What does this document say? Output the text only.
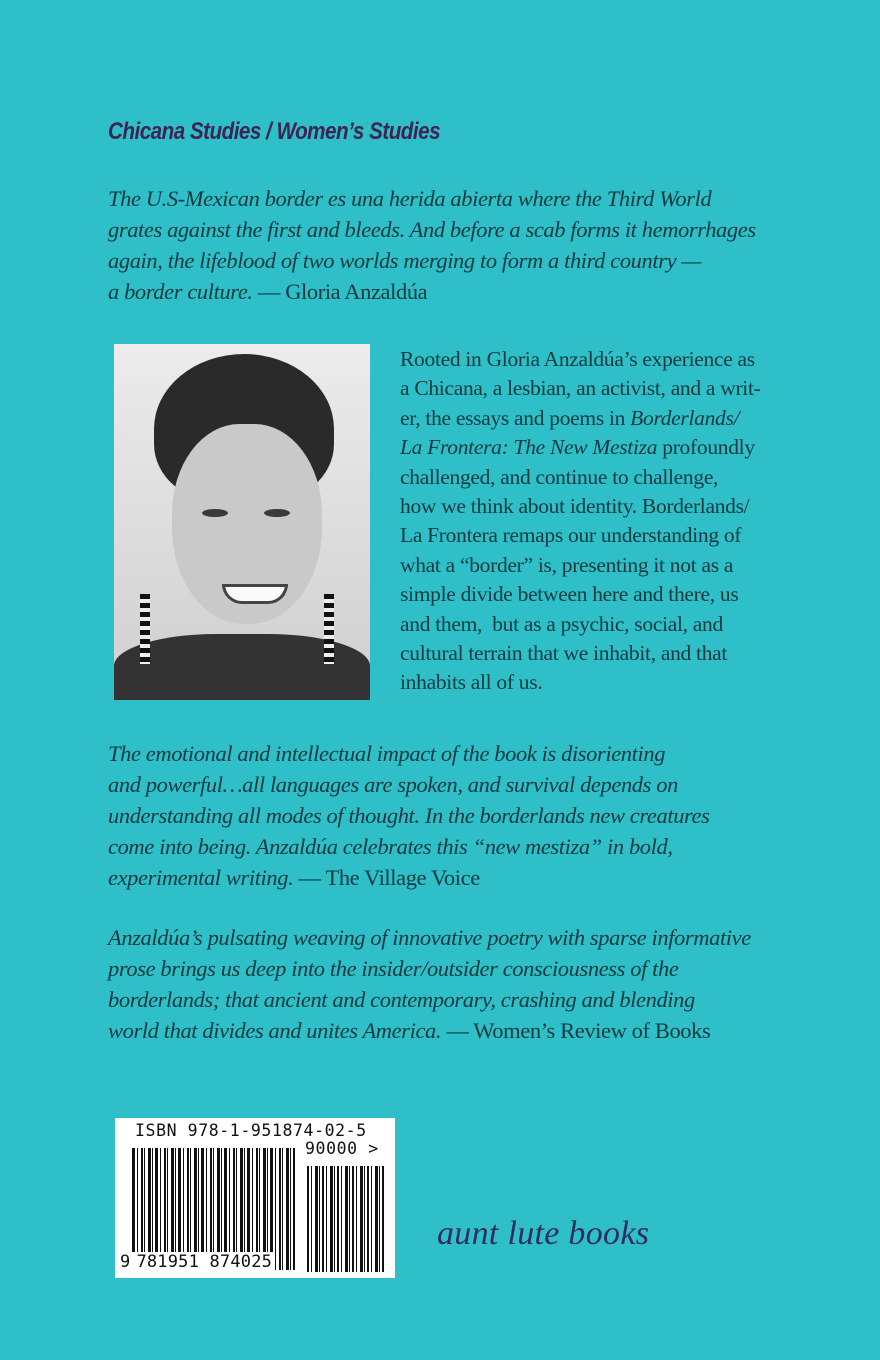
Chicana Studies / Women’s Studies
The U.S-Mexican border es una herida abierta where the Third World
grates against the first and bleeds. And before a scab forms it hemorrhages
again, the lifeblood of two worlds merging to form a third country —
a border culture. — Gloria Anzaldúa
Rooted in Gloria Anzaldúa’s experience as
a Chicana, a lesbian, an activist, and a writ-
er, the essays and poems in Borderlands/
La Frontera: The New Mestiza profoundly
challenged, and continue to challenge,
how we think about identity. Borderlands/
La Frontera remaps our understanding of
what a “border” is, presenting it not as a
simple divide between here and there, us
and them,  but as a psychic, social, and
cultural terrain that we inhabit, and that
inhabits all of us.
The emotional and intellectual impact of the book is disorienting
and powerful…all languages are spoken, and survival depends on
understanding all modes of thought. In the borderlands new creatures
come into being. Anzaldúa celebrates this “new mestiza” in bold,
experimental writing. — The Village Voice
Anzaldúa’s pulsating weaving of innovative poetry with sparse informative
prose brings us deep into the insider/outsider consciousness of the
borderlands; that ancient and contemporary, crashing and blending
world that divides and unites America. — Women’s Review of Books
ISBN 978-1-951874-02-5
90000 >
9 781951 874025
aunt lute books
